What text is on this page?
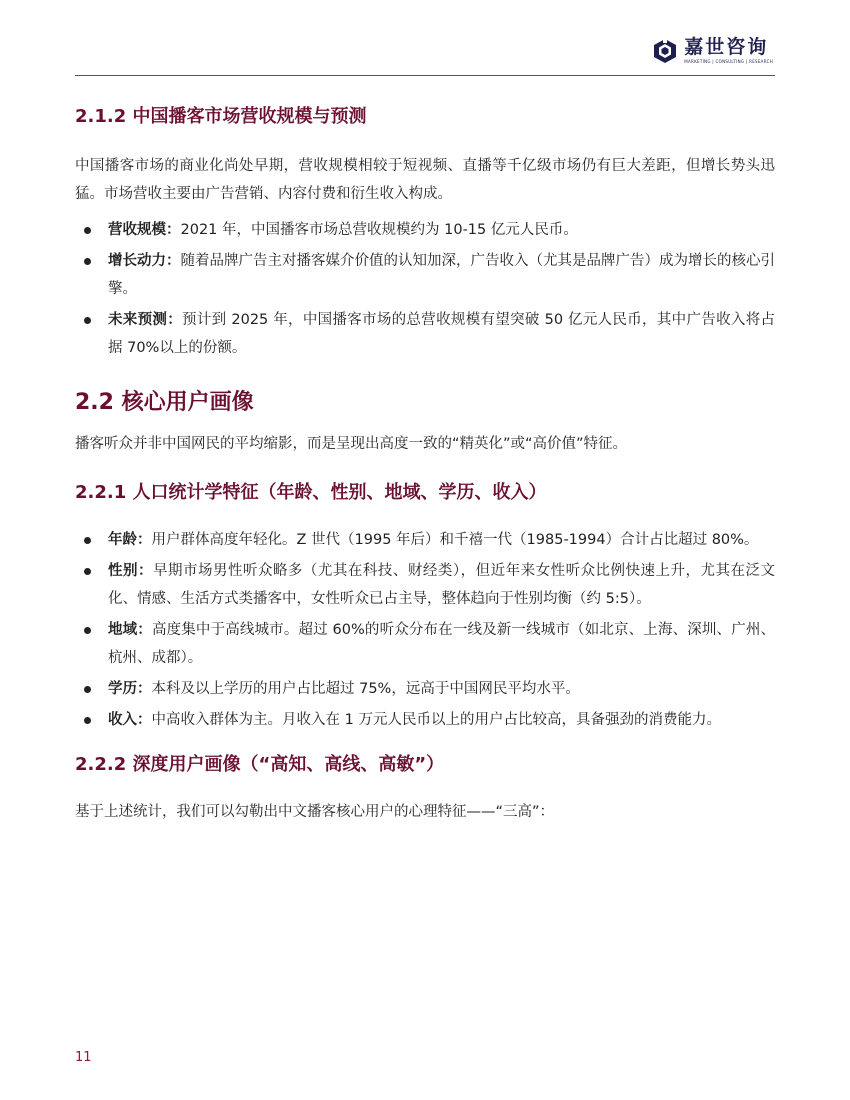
嘉世咨询
MARKETING | CONSULTING | RESEARCH
2.1.2 中国播客市场营收规模与预测

中国播客市场的商业化尚处早期，营收规模相较于短视频、直播等千亿级市场仍有巨大差距，但增长势头迅猛。市场营收主要由广告营销、内容付费和衍生收入构成。

营收规模：2021 年，中国播客市场总营收规模约为 10-15 亿元人民币。
增长动力：随着品牌广告主对播客媒介价值的认知加深，广告收入（尤其是品牌广告）成为增长的核心引擎。
未来预测：预计到 2025 年，中国播客市场的总营收规模有望突破 50 亿元人民币，其中广告收入将占据 70%以上的份额。
2.2 核心用户画像

播客听众并非中国网民的平均缩影，而是呈现出高度一致的“精英化”或“高价值”特征。

2.2.1 人口统计学特征（年龄、性别、地域、学历、收入）
年龄：用户群体高度年轻化。Z 世代（1995 年后）和千禧一代（1985-1994）合计占比超过 80%。
性别：早期市场男性听众略多（尤其在科技、财经类），但近年来女性听众比例快速上升，尤其在泛文化、情感、生活方式类播客中，女性听众已占主导，整体趋向于性别均衡（约 5:5）。
地域：高度集中于高线城市。超过 60%的听众分布在一线及新一线城市（如北京、上海、深圳、广州、杭州、成都）。
学历：本科及以上学历的用户占比超过 75%，远高于中国网民平均水平。
收入：中高收入群体为主。月收入在 1 万元人民币以上的用户占比较高，具备强劲的消费能力。
2.2.2 深度用户画像（“高知、高线、高敏”）

基于上述统计，我们可以勾勒出中文播客核心用户的心理特征——“三高”：

11
